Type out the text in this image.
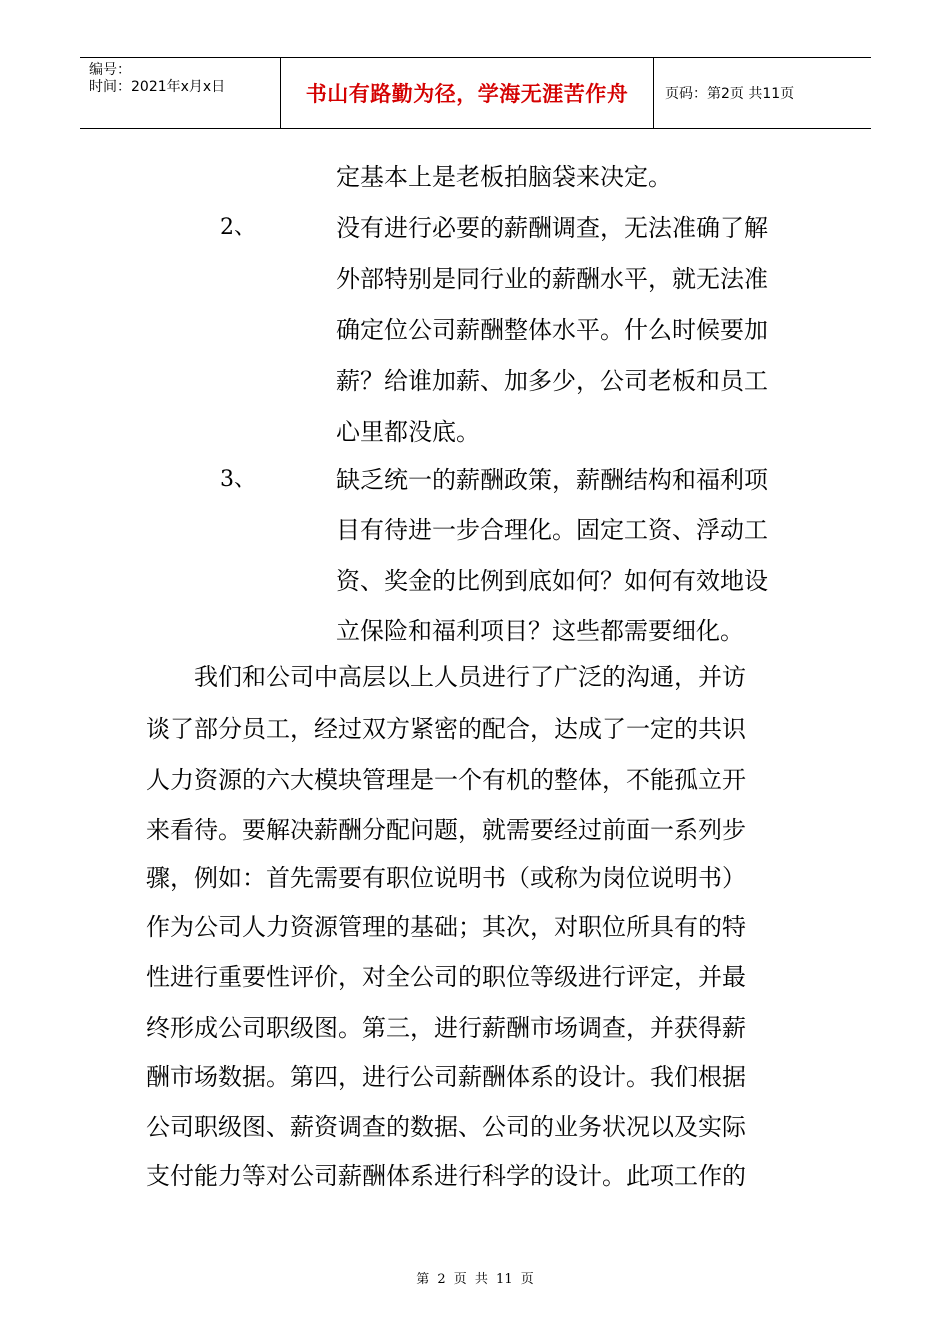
编号：
时间：2021年x月x日	书山有路勤为径，学海无涯苦作舟	页码：第2页 共11页
定基本上是老板拍脑袋来决定。
2、	没有进行必要的薪酬调查，无法准确了解
外部特别是同行业的薪酬水平，就无法准
确定位公司薪酬整体水平。什么时候要加
薪？给谁加薪、加多少，公司老板和员工
心里都没底。
3、	缺乏统一的薪酬政策，薪酬结构和福利项
目有待进一步合理化。固定工资、浮动工
资、奖金的比例到底如何？如何有效地设
立保险和福利项目？这些都需要细化。
　　我们和公司中高层以上人员进行了广泛的沟通，并访
谈了部分员工，经过双方紧密的配合，达成了一定的共识
人力资源的六大模块管理是一个有机的整体，不能孤立开
来看待。要解决薪酬分配问题，就需要经过前面一系列步
骤，例如：首先需要有职位说明书（或称为岗位说明书）
作为公司人力资源管理的基础；其次，对职位所具有的特
性进行重要性评价，对全公司的职位等级进行评定，并最
终形成公司职级图。第三，进行薪酬市场调查，并获得薪
酬市场数据。第四，进行公司薪酬体系的设计。我们根据
公司职级图、薪资调查的数据、公司的业务状况以及实际
支付能力等对公司薪酬体系进行科学的设计。此项工作的
第 2 页 共 11 页
